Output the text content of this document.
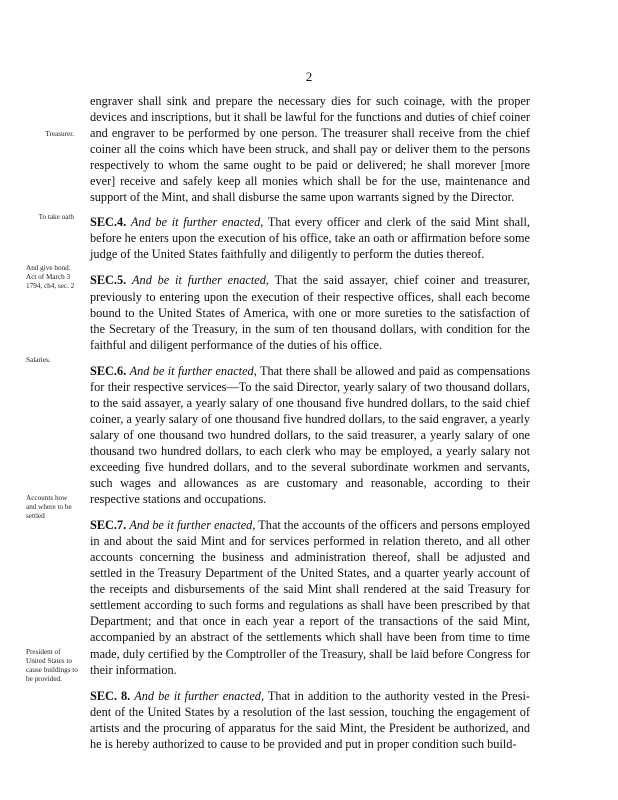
2
Treasurer.
To take oath
And give bond.
Act of March 3
1794, ch4, sec. 2
Salaries.
Accounts how
and where to be
settled
President of
United States to
cause buildings to
be provided.

engraver shall sink and prepare the necessary dies for such coinage, with the proper devices and inscriptions, but it shall be lawful for the functions and duties of chief coiner and engraver to be performed by one person. The treasurer shall receive from the chief coiner all the coins which have been struck, and shall pay or deliver them to the persons respectively to whom the same ought to be paid or delivered; he shall morever [more ever] receive and safely keep all monies which shall be for the use, maintenance and support of the Mint, and shall disburse the same upon warrants signed by the Director.

SEC.4. And be it further enacted, That every officer and clerk of the said Mint shall, before he enters upon the execution of his office, take an oath or affirmation before some judge of the United States faithfully and diligently to perform the duties thereof.

SEC.5. And be it further enacted, That the said assayer, chief coiner and treasurer, previously to entering upon the execution of their respective offices, shall each become bound to the United States of America, with one or more sureties to the satisfaction of the Secretary of the Treasury, in the sum of ten thousand dollars, with condition for the faithful and diligent performance of the duties of his office.

SEC.6. And be it further enacted, That there shall be allowed and paid as compensations for their respective services—To the said Director, yearly salary of two thousand dollars, to the said assayer, a yearly salary of one thousand five hundred dollars, to the said chief coiner, a yearly salary of one thousand five hundred dollars, to the said engraver, a yearly salary of one thousand two hundred dollars, to the said treasurer, a yearly salary of one thousand two hundred dollars, to each clerk who may be employed, a yearly salary not exceeding five hundred dollars, and to the several subordinate workmen and servants, such wages and allowances as are customary and reasonable, according to their respective stations and occupations.

SEC.7. And be it further enacted, That the accounts of the officers and persons employed in and about the said Mint and for services performed in relation thereto, and all other accounts concerning the business and administration thereof, shall be adjusted and settled in the Treasury Department of the United States, and a quarter yearly account of the receipts and disbursements of the said Mint shall rendered at the said Treasury for settlement according to such forms and regulations as shall have been prescribed by that Department; and that once in each year a report of the transactions of the said Mint, accompanied by an abstract of the settlements which shall have been from time to time made, duly certified by the Comptroller of the Treasury, shall be laid before Congress for their information.

SEC. 8. And be it further enacted, That in addition to the authority vested in the Presi-dent of the United States by a resolution of the last session, touching the engagement of artists and the procuring of apparatus for the said Mint, the President be authorized, and he is hereby authorized to cause to be provided and put in proper condition such build-
